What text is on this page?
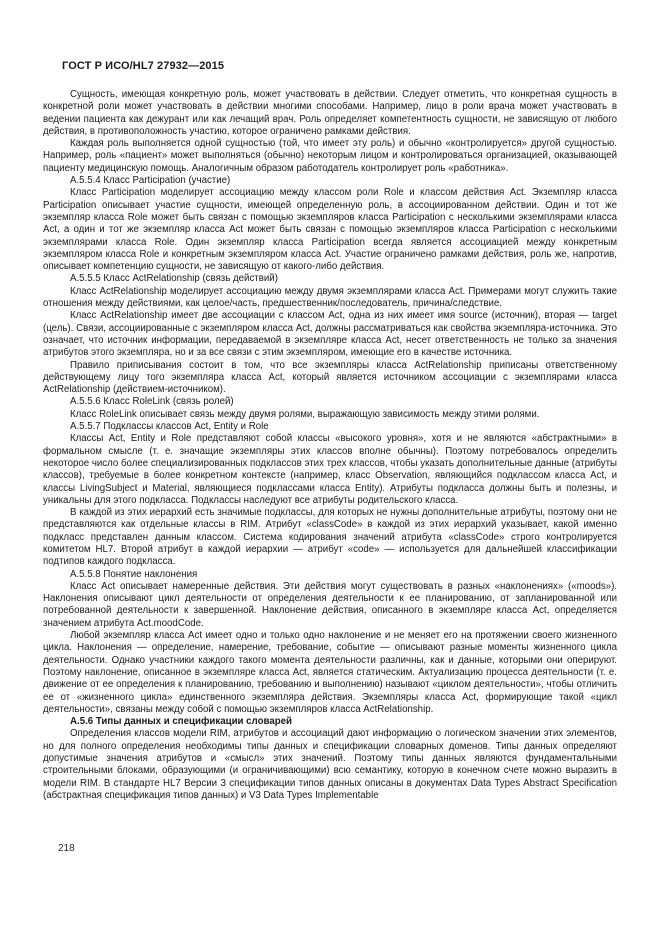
ГОСТ Р ИСО/HL7 27932—2015

Сущность, имеющая конкретную роль, может участвовать в действии. Следует отметить, что конкретная сущность в конкретной роли может участвовать в действии многими способами. Например, лицо в роли врача может участвовать в ведении пациента как дежурант или как лечащий врач. Роль определяет компетентность сущности, не зависящую от любого действия, в противоположность участию, которое ограничено рамками действия.

Каждая роль выполняется одной сущностью (той, что имеет эту роль) и обычно «контролируется» другой сущностью. Например, роль «пациент» может выполняться (обычно) некоторым лицом и контролироваться организацией, оказывающей пациенту медицинскую помощь. Аналогичным образом работодатель контролирует роль «работника».

А.5.5.4 Класс Participation (участие)

Класс Participation моделирует ассоциацию между классом роли Role и классом действия Act. Экземпляр класса Participation описывает участие сущности, имеющей определенную роль, в ассоциированном действии. Один и тот же экземпляр класса Role может быть связан с помощью экземпляров класса Participation с несколькими экземплярами класса Act, а один и тот же экземпляр класса Act может быть связан с помощью экземпляров класса Participation с несколькими экземплярами класса Role. Один экземпляр класса Participation всегда является ассоциацией между конкретным экземпляром класса Role и конкретным экземпляром класса Act. Участие ограничено рамками действия, роль же, напротив, описывает компетенцию сущности, не зависящую от какого-либо действия.

А.5.5.5 Класс ActRelationship (связь действий)

Класс ActRelationship моделирует ассоциацию между двумя экземплярами класса Act. Примерами могут служить такие отношения между действиями, как целое/часть, предшественник/последователь, причина/следствие.

Класс ActRelationship имеет две ассоциации с классом Act, одна из них имеет имя source (источник), вторая — target (цель). Связи, ассоциированные с экземпляром класса Act, должны рассматриваться как свойства экземпляра-источника. Это означает, что источник информации, передаваемой в экземпляре класса Act, несет ответственность не только за значения атрибутов этого экземпляра, но и за все связи с этим экземпляром, имеющие его в качестве источника.

Правило приписывания состоит в том, что все экземпляры класса ActRelationship приписаны ответственному действующему лицу того экземпляра класса Act, который является источником ассоциации с экземплярами класса ActRelationship (действием-источником).

А.5.5.6 Класс RoleLink (связь ролей)

Класс RoleLink описывает связь между двумя ролями, выражающую зависимость между этими ролями.

А.5.5.7 Подклассы классов Act, Entity и Role

Классы Act, Entity и Role представляют собой классы «высокого уровня», хотя и не являются «абстрактными» в формальном смысле (т. е. значащие экземпляры этих классов вполне обычны). Поэтому потребовалось определить некоторое число более специализированных подклассов этих трех классов, чтобы указать дополнительные данные (атрибуты классов), требуемые в более конкретном контексте (например, класс Observation, являющийся подклассом класса Act, и классы LivingSubject и Material, являющиеся подклассами класса Entity). Атрибуты подкласса должны быть и полезны, и уникальны для этого подкласса. Подклассы наследуют все атрибуты родительского класса.

В каждой из этих иерархий есть значимые подклассы, для которых не нужны дополнительные атрибуты, поэтому они не представляются как отдельные классы в RIM. Атрибут «classCode» в каждой из этих иерархий указывает, какой именно подкласс представлен данным классом. Система кодирования значений атрибута «classCode» строго контролируется комитетом HL7. Второй атрибут в каждой иерархии — атрибут «code» — используется для дальнейшей классификации подтипов каждого подкласса.

А.5.5.8 Понятие наклонения

Класс Act описывает намеренные действия. Эти действия могут существовать в разных «наклонениях» («moods»). Наклонения описывают цикл деятельности от определения деятельности к ее планированию, от запланированной или потребованной деятельности к завершенной. Наклонение действия, описанного в экземпляре класса Act, определяется значением атрибута Act.moodCode.

Любой экземпляр класса Act имеет одно и только одно наклонение и не меняет его на протяжении своего жизненного цикла. Наклонения — определение, намерение, требование, событие — описывают разные моменты жизненного цикла деятельности. Однако участники каждого такого момента деятельности различны, как и данные, которыми они оперируют. Поэтому наклонение, описанное в экземпляре класса Act, является статическим. Актуализацию процесса деятельности (т. е. движение от ее определения к планированию, требованию и выполнению) называют «циклом деятельности», чтобы отличить ее от «жизненного цикла» единственного экземпляра действия. Экземпляры класса Act, формирующие такой «цикл деятельности», связаны между собой с помощью экземпляров класса ActRelationship.

А.5.6 Типы данных и спецификации словарей

Определения классов модели RIM, атрибутов и ассоциаций дают информацию о логическом значении этих элементов, но для полного определения необходимы типы данных и спецификации словарных доменов. Типы данных определяют допустимые значения атрибутов и «смысл» этих значений. Поэтому типы данных являются фундаментальными строительными блоками, образующими (и ограничивающими) всю семантику, которую в конечном счете можно выразить в модели RIM. В стандарте HL7 Версии 3 спецификации типов данных описаны в документах Data Types Abstract Specification (абстрактная спецификация типов данных) и V3 Data Types Implementable

218
